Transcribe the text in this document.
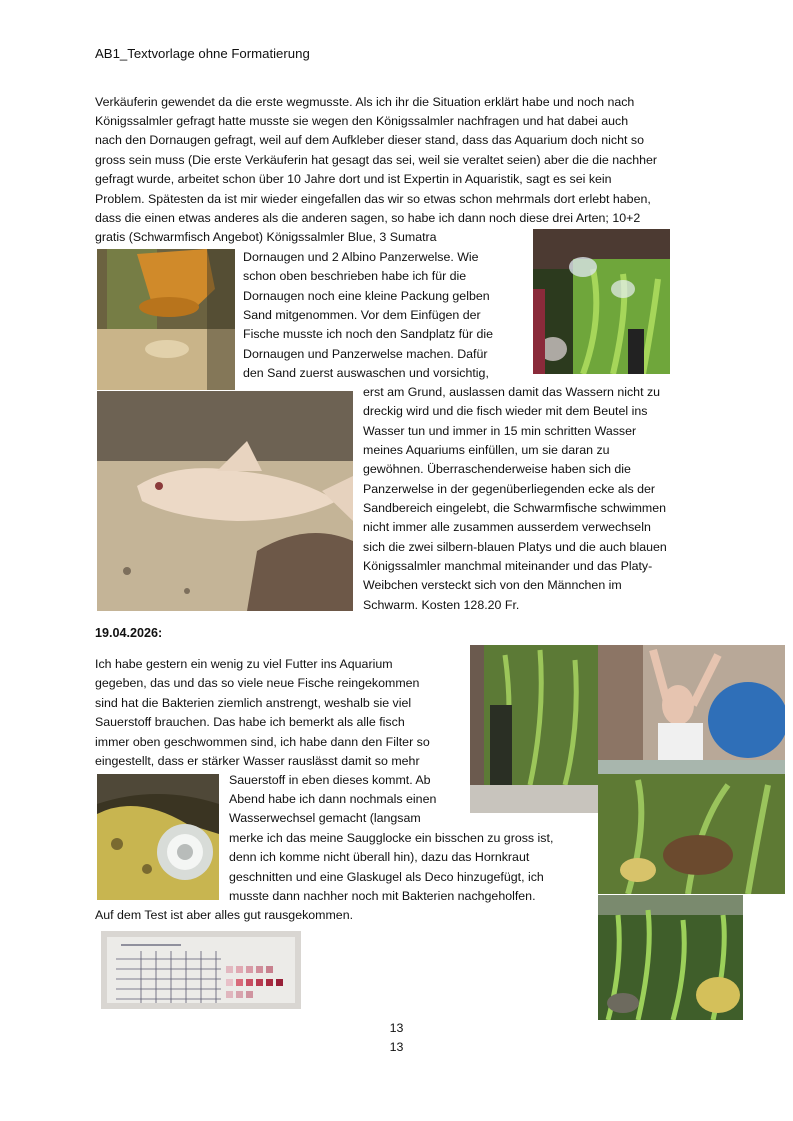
AB1_Textvorlage ohne Formatierung
Verkäuferin gewendet da die erste wegmusste. Als ich ihr die Situation erklärt habe und noch nach
Königssalmler gefragt hatte musste sie wegen den Königssalmler nachfragen und hat dabei auch
nach den Dornaugen gefragt, weil auf dem Aufkleber dieser stand, dass das Aquarium doch nicht so
gross sein muss (Die erste Verkäuferin hat gesagt das sei, weil sie veraltet seien) aber die die nachher
gefragt wurde, arbeitet schon über 10 Jahre dort und ist Expertin in Aquaristik, sagt es sei kein
Problem. Spätesten da ist mir wieder eingefallen das wir so etwas schon mehrmals dort erlebt haben,
dass die einen etwas anderes als die anderen sagen, so habe ich dann noch diese drei Arten; 10+2
gratis (Schwarmfisch Angebot) Königssalmler Blue, 3 Sumatra
Dornaugen und 2 Albino Panzerwelse. Wie
schon oben beschrieben habe ich für die
Dornaugen noch eine kleine Packung gelben
Sand mitgenommen. Vor dem Einfügen der
Fische musste ich noch den Sandplatz für die
Dornaugen und Panzerwelse machen. Dafür
den Sand zuerst auswaschen und vorsichtig,
erst am Grund, auslassen damit das Wassern nicht zu
dreckig wird und die fisch wieder mit dem Beutel ins
Wasser tun und immer in 15 min schritten Wasser
meines Aquariums einfüllen, um sie daran zu
gewöhnen. Überraschenderweise haben sich die
Panzerwelse in der gegenüberliegenden ecke als der
Sandbereich eingelebt, die Schwarmfische schwimmen
nicht immer alle zusammen ausserdem verwechseln
sich die zwei silbern-blauen Platys und die auch blauen
Königssalmler manchmal miteinander und das Platy-
Weibchen versteckt sich von den Männchen im
Schwarm. Kosten 128.20 Fr.
19.04.2026:
Ich habe gestern ein wenig zu viel Futter ins Aquarium
gegeben, das und das so viele neue Fische reingekommen
sind hat die Bakterien ziemlich anstrengt, weshalb sie viel
Sauerstoff brauchen. Das habe ich bemerkt als alle fisch
immer oben geschwommen sind, ich habe dann den Filter so
eingestellt, dass er stärker Wasser rauslässt damit so mehr
Sauerstoff in eben dieses kommt. Ab
Abend habe ich dann nochmals einen
Wasserwechsel gemacht (langsam
merke ich das meine Saugglocke ein bisschen zu gross ist,
denn ich komme nicht überall hin), dazu das Hornkraut
geschnitten und eine Glaskugel als Deco hinzugefügt, ich
musste dann nachher noch mit Bakterien nachgeholfen.
Auf dem Test ist aber alles gut rausgekommen.
13
13
